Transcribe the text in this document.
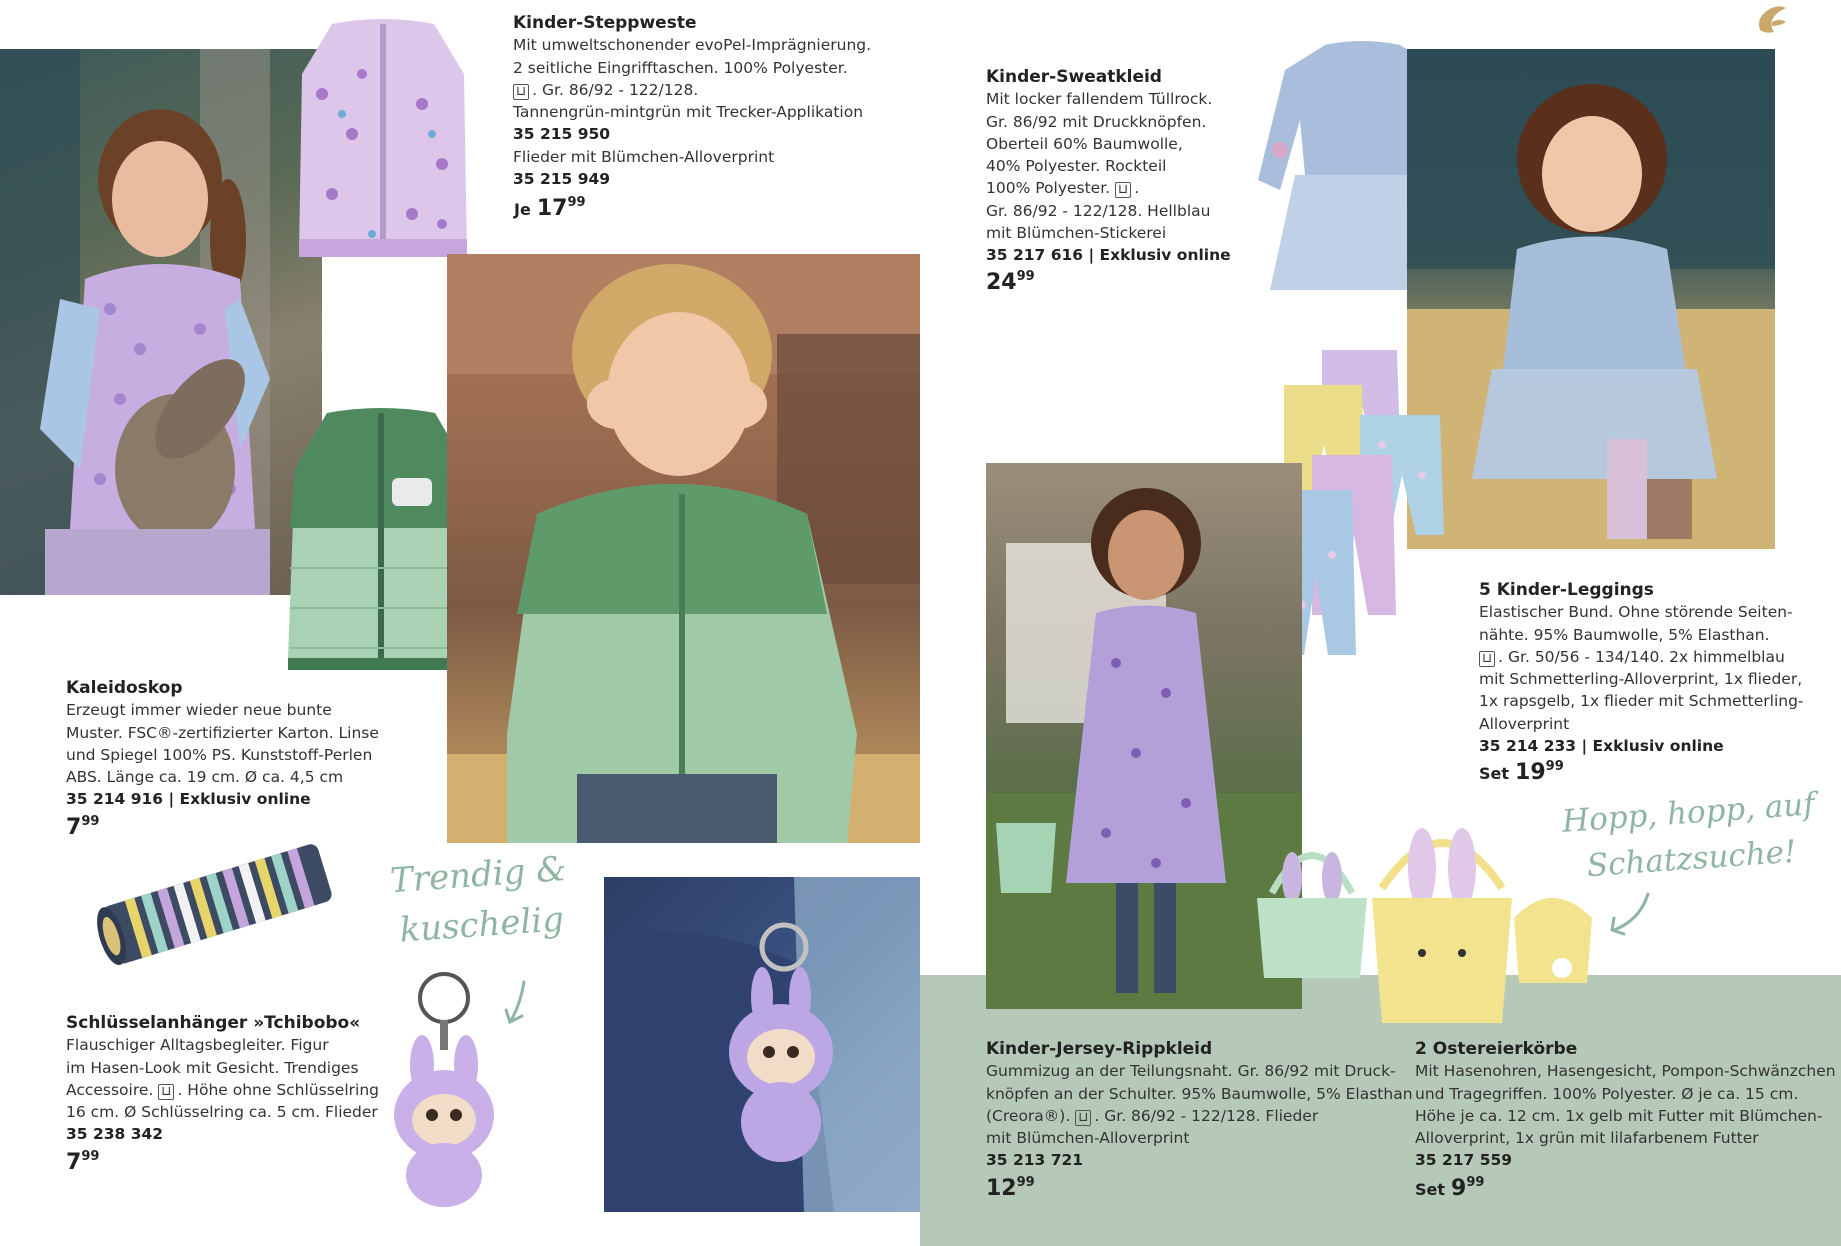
Trendig &
kuschelig
Hopp, hopp, auf
Schatzsuche!
Kinder-Steppweste
Mit umweltschonender evoPel-Imprägnierung.
2 seitliche Eingrifftaschen. 100% Polyester.
⊔ . Gr. 86/92 - 122/128.
Tannengrün-mintgrün mit Trecker-Applikation
35 215 950
Flieder mit Blümchen-Alloverprint
35 215 949
Je $17^{99}$
Kinder-Sweatkleid
Mit locker fallendem Tüllrock.
Gr. 86/92 mit Druckknöpfen.
Oberteil 60% Baumwolle,
40% Polyester. Rockteil
100% Polyester. ⊔ .
Gr. 86/92 - 122/128. Hellblau
mit Blümchen-Stickerei
35 217 616 | Exklusiv online
$24^{99}$
Kaleidoskop
Erzeugt immer wieder neue bunte
Muster. FSC®-zertifizierter Karton. Linse
und Spiegel 100% PS. Kunststoff-Perlen
ABS. Länge ca. 19 cm. Ø ca. 4,5 cm
35 214 916 | Exklusiv online
$7^{99}$
5 Kinder-Leggings
Elastischer Bund. Ohne störende Seiten-
nähte. 95% Baumwolle, 5% Elasthan.
⊔ . Gr. 50/56 - 134/140. 2x himmelblau
mit Schmetterling-Alloverprint, 1x flieder,
1x rapsgelb, 1x flieder mit Schmetterling-
Alloverprint
35 214 233 | Exklusiv online
Set $19^{99}$
Schlüsselanhänger »Tchibobo«
Flauschiger Alltagsbegleiter. Figur
im Hasen-Look mit Gesicht. Trendiges
Accessoire. ⊔ . Höhe ohne Schlüsselring
16 cm. Ø Schlüsselring ca. 5 cm. Flieder
35 238 342
$7^{99}$
Kinder-Jersey-Rippkleid
Gummizug an der Teilungsnaht. Gr. 86/92 mit Druck-
knöpfen an der Schulter. 95% Baumwolle, 5% Elasthan
(Creora®). ⊔ . Gr. 86/92 - 122/128. Flieder
mit Blümchen-Alloverprint
35 213 721
$12^{99}$
2 Ostereierkörbe
Mit Hasenohren, Hasengesicht, Pompon-Schwänzchen
und Tragegriffen. 100% Polyester. Ø je ca. 15 cm.
Höhe je ca. 12 cm. 1x gelb mit Futter mit Blümchen-
Alloverprint, 1x grün mit lilafarbenem Futter
35 217 559
Set $9^{99}$
